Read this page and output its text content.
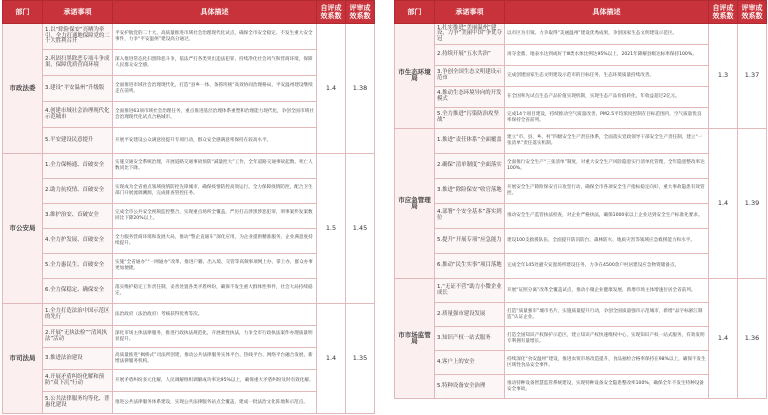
部门	承诺事项	具体描述	自评成效系数	评审成效系数
市政法委	1.以“除险保安”亮晒为牵引，全力打通地保障党的二十大胜利召开	平安护航党的二十大，高质量推进市域社会治理现代化试点，确保全市安全稳定、不发生重大安全事件，力争“平安温州”建设高分通过。	1.4	1.38
	2.巩固扫黑除恶专项斗争成果，保障优质营商环境	深入推进常态化扫黑除恶斗争，依法严打各类突出违法犯罪，持续净化社会风气和营商环境，保障人民群众安全感。		
	3.建设“平安温州”升级版	全面推进市域社会治理现代化，打造“县乡一体、条抓块统”高效协同治理格局，平安温州建设继续走在前列。		
	4.创建市域社会治理现代化示范城市	全面推进63项市域社会治理任务，重点推进基层治理体系重塑和治理能力现代化，争创全国市域社会治理现代化试点合格城市。		
	5.平安建设民意提升	开展平安建设公众满意度提升专项行动，群众安全感满意率保持在较高水平。		
市公安局	1.全力保畅通、首破安全	实施交通安全系统治理，开展道路交通事故预防“减量控大”工作，全年道路交通事故起数、死亡人数同比下降。	1.5	1.45
	2.助力抗疫情、首破安全	实现成为全省重点领域疫情防控先锋城市，确保疫情防控高效运行。全力保障疫情防控，配合卫生部门开展流调溯源，完成排查管控任务。		
	3.维护治安、首破安全	完成全市公共安全视频监控整合，实现重点场所全覆盖，严厉打击涉黑涉恶犯罪，刑事案件发案数同比下降20%以上。		
	4.全力护发展、首破安全	全力服务营商环境和发展大局，推动“警企直通车”深化应用，为企业提供精准服务，企业满意度持续提升。		
	5.全力惠民生、首破安全	实施“全省通办”“一网通办”改革，推进户籍、出入境、交管等高频事项网上办、掌上办，群众办事更加便捷。		
	6.全力保稳定、确保安全	落实维护稳定工作责任制，妥善处置各类矛盾纠纷，确保不发生重大群体性事件，社会大局持续稳定。		
市司法局	1.全力打造法治中国示范区的先行	法治政府（法治政府）考核获得优秀等次。	1.4	1.35
	2.开展“无执法检”“清风执法”活动	深化市场主体法律服务，推进行政执法规范化，开展柔性执法，力争全市行政执法案件办理质量明显提升。		
	3.推进法治建设	高质量推进“枫桥式”司法所创建，推动公共法律服务实体平台、热线平台、网络平台融合发展，新增法律服务机构。		
	4.开展矛盾纠纷化解和预防“双下沉”行动	开展矛盾纠纷多元化解，人民调解组织调解成功率达95%以上，确保重大矛盾纠纷及时有效化解。		
	5.公共法律服务均等化、普惠化建设	推进公共法律服务体系建设，实现公共法律服务站点全覆盖，建成一批法治文化阵地和示范点。		
部门	承诺事项	具体描述	自评成效系数	评审成效系数
市生态环境局	1.扎实推进“美丽温州”建设，力争“美丽中国”争优夺冠	以市区为引领、力争取得“美丽温州”建设优秀成果，争创国家生态文明建设示范区。	1.3	1.37
	2.持续开展“五水共治”	再夺金鼎，地表水达到或好于Ⅲ类水体比例达95%以上，2021年降解县级达标率保持100%。		
	3.争创全国生态文明建设示范市	完成创建国家生态文明建设示范市的目标任务，生态环境质量持续改善。		
	4.推动生态环境导向的开发模式	在全国率先试点生态产品价值实现机制，实现生态产品价值转化，年收益超过2亿元。		
	5.全力推进“污染防治攻坚战”	完成14个项目建设，持续推动空气质量改善，PM2.5平均浓度控制在目标范围内，空气质量优良率保持全省前列。		
市应急管理局	1.推进“责任体系”全面覆盖	建立“市、县、乡、村”四级安全生产责任体系，全面落实党政领导干部安全生产责任制，建立“一张清单”责任落实机制。	1.4	1.39
	2.确保“清单制度”全面落实	全面推行安全生产“三张清单”制度，对重大安全生产风险隐患实行清单化管理，全年隐患整改率达100%。		
	3.推进“除险保安”收官落地	开展安全生产除险保安百日攻坚行动，确保全市各项安全生产指标稳定向好，重大事故隐患有效管控。		
	4.部署“个安全基本”落实到位	推动安全生产监管执法检查，对企业严格执法，确保1000家以上企业达到安全生产标准化要求。		
	5.提升“开展专项”应急能力	建设100支救援队伍，全面提升防汛防台、森林防火、地质灾害等领域应急救援能力和水平。		
	6.推动“民生实事”项目落地	完成全年145处避灾安置场所建设任务，力争在4500余户村居建设应急物资储备点。		
市市场监管局	1.“无证不营”助力小微企业成长	开展“证照分离”改革全覆盖试点，推动小微企业健康发展，新增市场主体增速位居全省前列。	1.4	1.36
	2.质量强市建设发展	打造“质量强市”城市名片，实施质量提升行动，争创全国质量强市示范城市，新增“品字标浙江制造”认证企业。		
	3.知识产权一站式服务	打造全国知识产权保护示范区，建立知识产权快速维权中心，实现知识产权一站式服务，有效发明专利拥有量增长。		
	4.客户上的安全	持续深化“食安温州”建设，推进农贸市场改造提升，食品抽检合格率保持在98%以上，确保不发生区域性食品安全事件。		
	5.特种设备安全治理	推动特种设备智慧监管系统建设，实现特种设备安全隐患整改率100%，确保全年不发生特种设备安全事故。		
